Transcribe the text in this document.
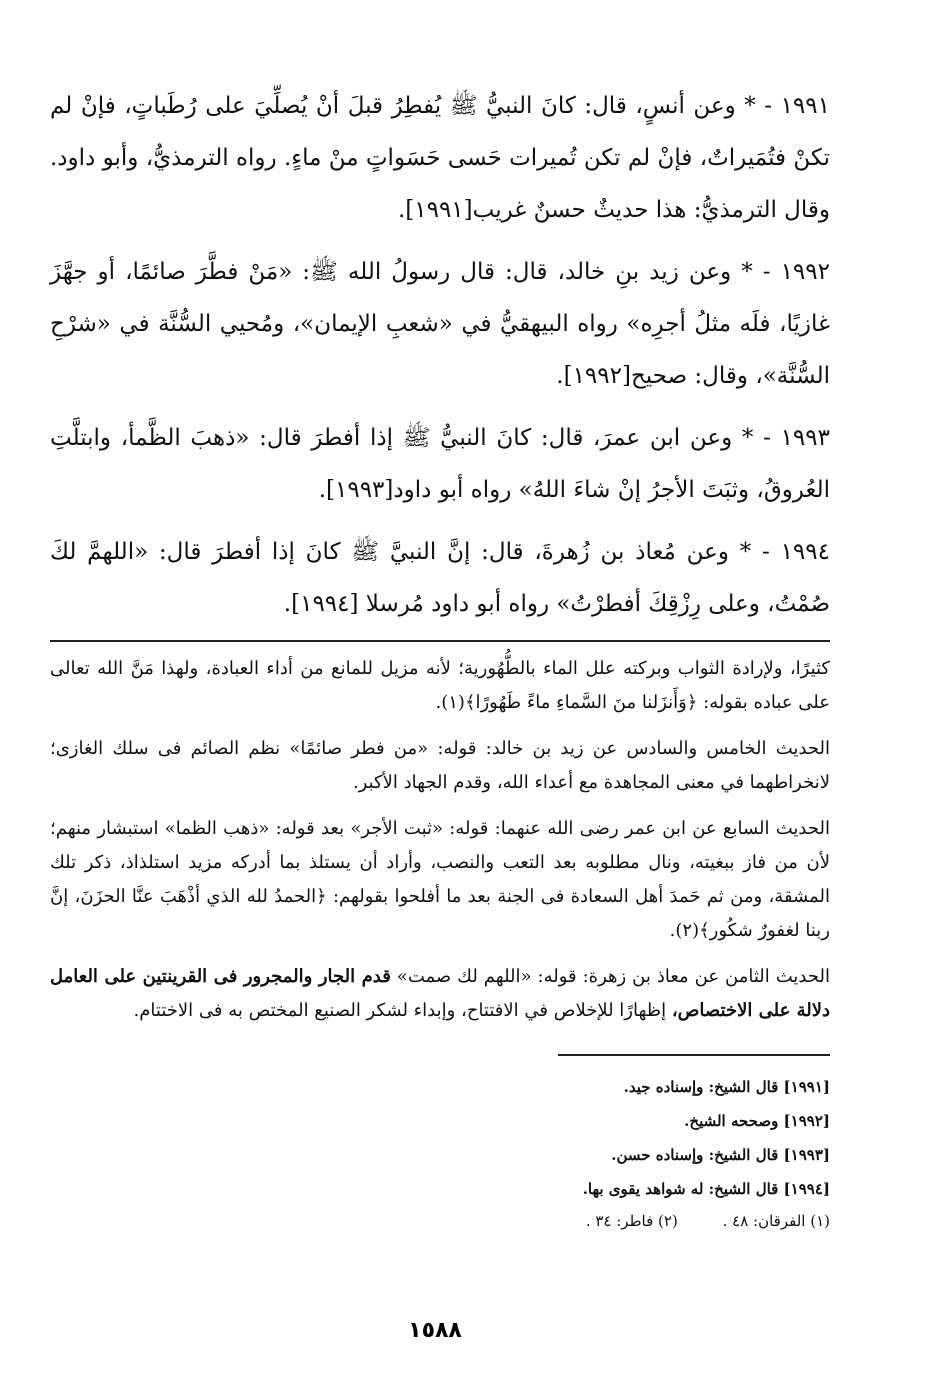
١٩٩١ - * وعن أنسٍ، قال: كانَ النبيُّ ﷺ يُفطِرُ قبلَ أنْ يُصلِّيَ على رُطَباتٍ، فإنْ لم تكنْ فتُمَيراتٌ، فإنْ لم تكن تُميرات حَسى حَسَواتٍ منْ ماءٍ. رواه الترمذيُّ، وأبو داود. وقال الترمذيُّ: هذا حديثٌ حسنٌ غريب[١٩٩١].

١٩٩٢ - * وعن زيد بنِ خالد، قال: قال رسولُ الله ﷺ: «مَنْ فطَّرَ صائمًا، أو جهَّزَ غازيًا، فلَه مثلُ أجرِه» رواه البيهقيُّ في «شعبِ الإيمان»، ومُحيي السُّنَّة في «شرْحِ السُّنَّة»، وقال: صحيح[١٩٩٢].

١٩٩٣ - * وعن ابن عمرَ، قال: كانَ النبيُّ ﷺ إذا أفطرَ قال: «ذهبَ الظَّمأ، وابتلَّتِ العُروقُ، وثبَتَ الأجرُ إنْ شاءَ اللهُ» رواه أبو داود[١٩٩٣].

١٩٩٤ - * وعن مُعاذ بن زُهرةَ، قال: إنَّ النبيَّ ﷺ كانَ إذا أفطرَ قال: «اللهمَّ لكَ صُمْتُ، وعلى رِزْقِكَ أفطرْتُ» رواه أبو داود مُرسلا [١٩٩٤].

كثيرًا، ولإرادة الثواب وبركته علل الماء بالطُّهُورية؛ لأنه مزيل للمانع من أداء العبادة، ولهذا مَنَّ الله تعالى على عباده بقوله: ﴿وَأَنزَلنا منَ السَّماءِ ماءً طَهُورًا﴾(١).

الحديث الخامس والسادس عن زيد بن خالد: قوله: «من فطر صائمًا» نظم الصائم فى سلك الغازى؛ لانخراطهما في معنى المجاهدة مع أعداء الله، وقدم الجهاد الأكبر.

الحديث السابع عن ابن عمر رضى الله عنهما: قوله: «ثبت الأجر» بعد قوله: «ذهب الظما» استبشار منهم؛ لأن من فاز ببغيته، ونال مطلوبه بعد التعب والنصب، وأراد أن يستلذ بما أدركه مزيد استلذاذ، ذكر تلك المشقة، ومن ثم حَمدَ أهل السعادة فى الجنة بعد ما أفلحوا بقولهم: ﴿الحمدُ لله الذي أذْهَبَ عنَّا الحزَنَ، إنَّ ربنا لغفورٌ شكُور﴾(٢).

الحديث الثامن عن معاذ بن زهرة: قوله: «اللهم لك صمت» قدم الجار والمجرور فى القرينتين على العامل دلالة على الاختصاص، إظهارًا للإخلاص في الافتتاح، وإبداء لشكر الصنيع المختص به فى الاختتام.

[١٩٩١] قال الشيخ: وإسناده جيد.

[١٩٩٢] وصححه الشيخ.

[١٩٩٣] قال الشيخ: وإسناده حسن.

[١٩٩٤] قال الشيخ: له شواهد يقوى بها.

(١) الفرقان: ٤٨ . (٢) فاطر: ٣٤ .
١٥٨٨
